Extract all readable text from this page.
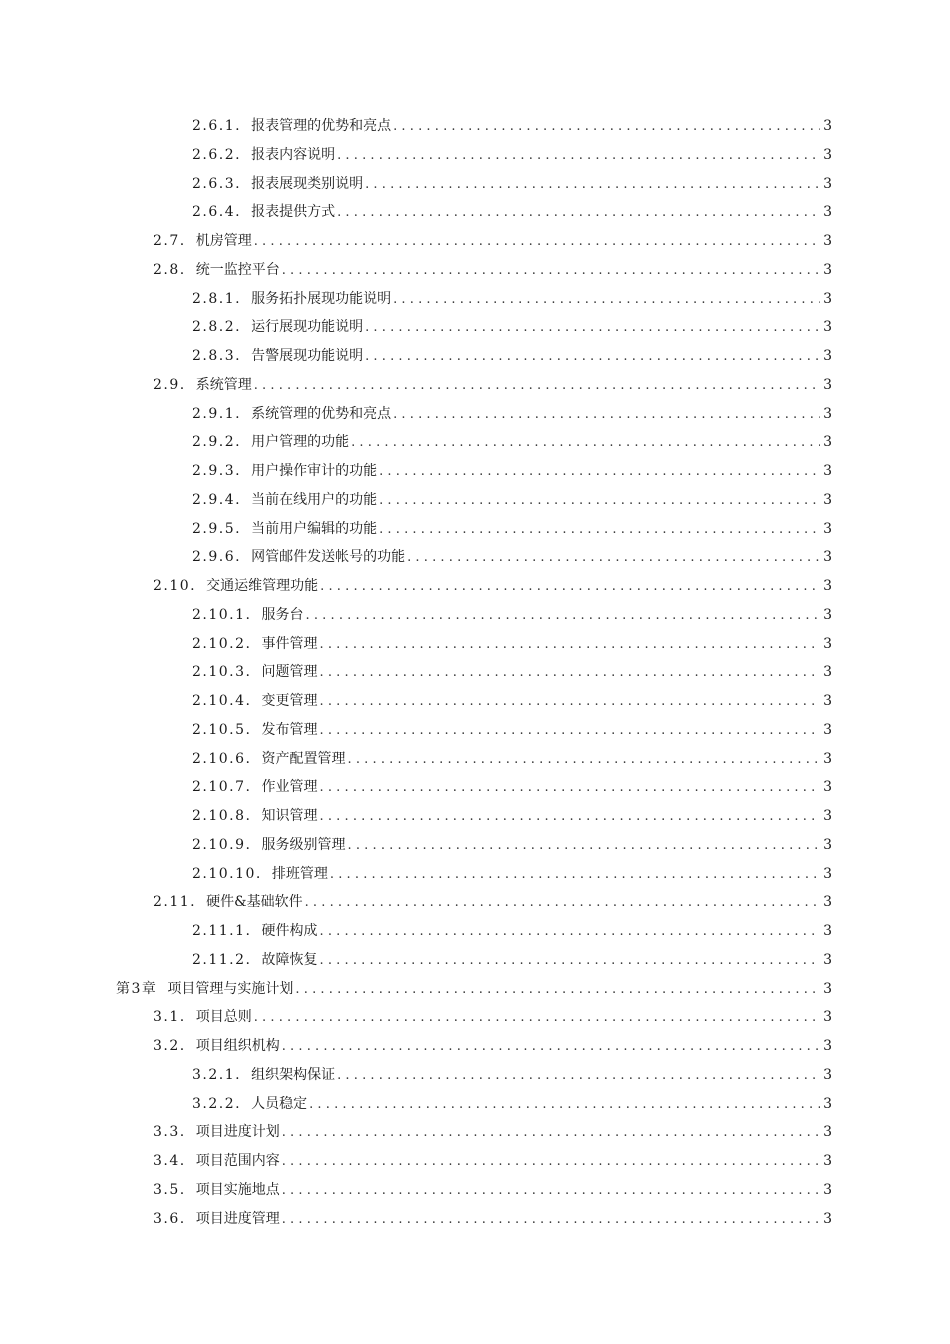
2.6.1. 报表管理的优势和亮点 .....	3
2.6.2. 报表内容说明 .....	3
2.6.3. 报表展现类别说明 .....	3
2.6.4. 报表提供方式 .....	3
2.7. 机房管理 .....	3
2.8. 统一监控平台 .....	3
2.8.1. 服务拓扑展现功能说明 .....	3
2.8.2. 运行展现功能说明 .....	3
2.8.3. 告警展现功能说明 .....	3
2.9. 系统管理 .....	3
2.9.1. 系统管理的优势和亮点 .....	3
2.9.2. 用户管理的功能 .....	3
2.9.3. 用户操作审计的功能 .....	3
2.9.4. 当前在线用户的功能 .....	3
2.9.5. 当前用户编辑的功能 .....	3
2.9.6. 网管邮件发送帐号的功能 .....	3
2.10. 交通运维管理功能 .....	3
2.10.1. 服务台 .....	3
2.10.2. 事件管理 .....	3
2.10.3. 问题管理 .....	3
2.10.4. 变更管理 .....	3
2.10.5. 发布管理 .....	3
2.10.6. 资产配置管理 .....	3
2.10.7. 作业管理 .....	3
2.10.8. 知识管理 .....	3
2.10.9. 服务级别管理 .....	3
2.10.10. 排班管理 .....	3
2.11. 硬件&基础软件 .....	3
2.11.1. 硬件构成 .....	3
2.11.2. 故障恢复 .....	3
第3章 项目管理与实施计划 .....	3
3.1. 项目总则 .....	3
3.2. 项目组织机构 .....	3
3.2.1. 组织架构保证 .....	3
3.2.2. 人员稳定 .....	3
3.3. 项目进度计划 .....	3
3.4. 项目范围内容 .....	3
3.5. 项目实施地点 .....	3
3.6. 项目进度管理 .....	3
